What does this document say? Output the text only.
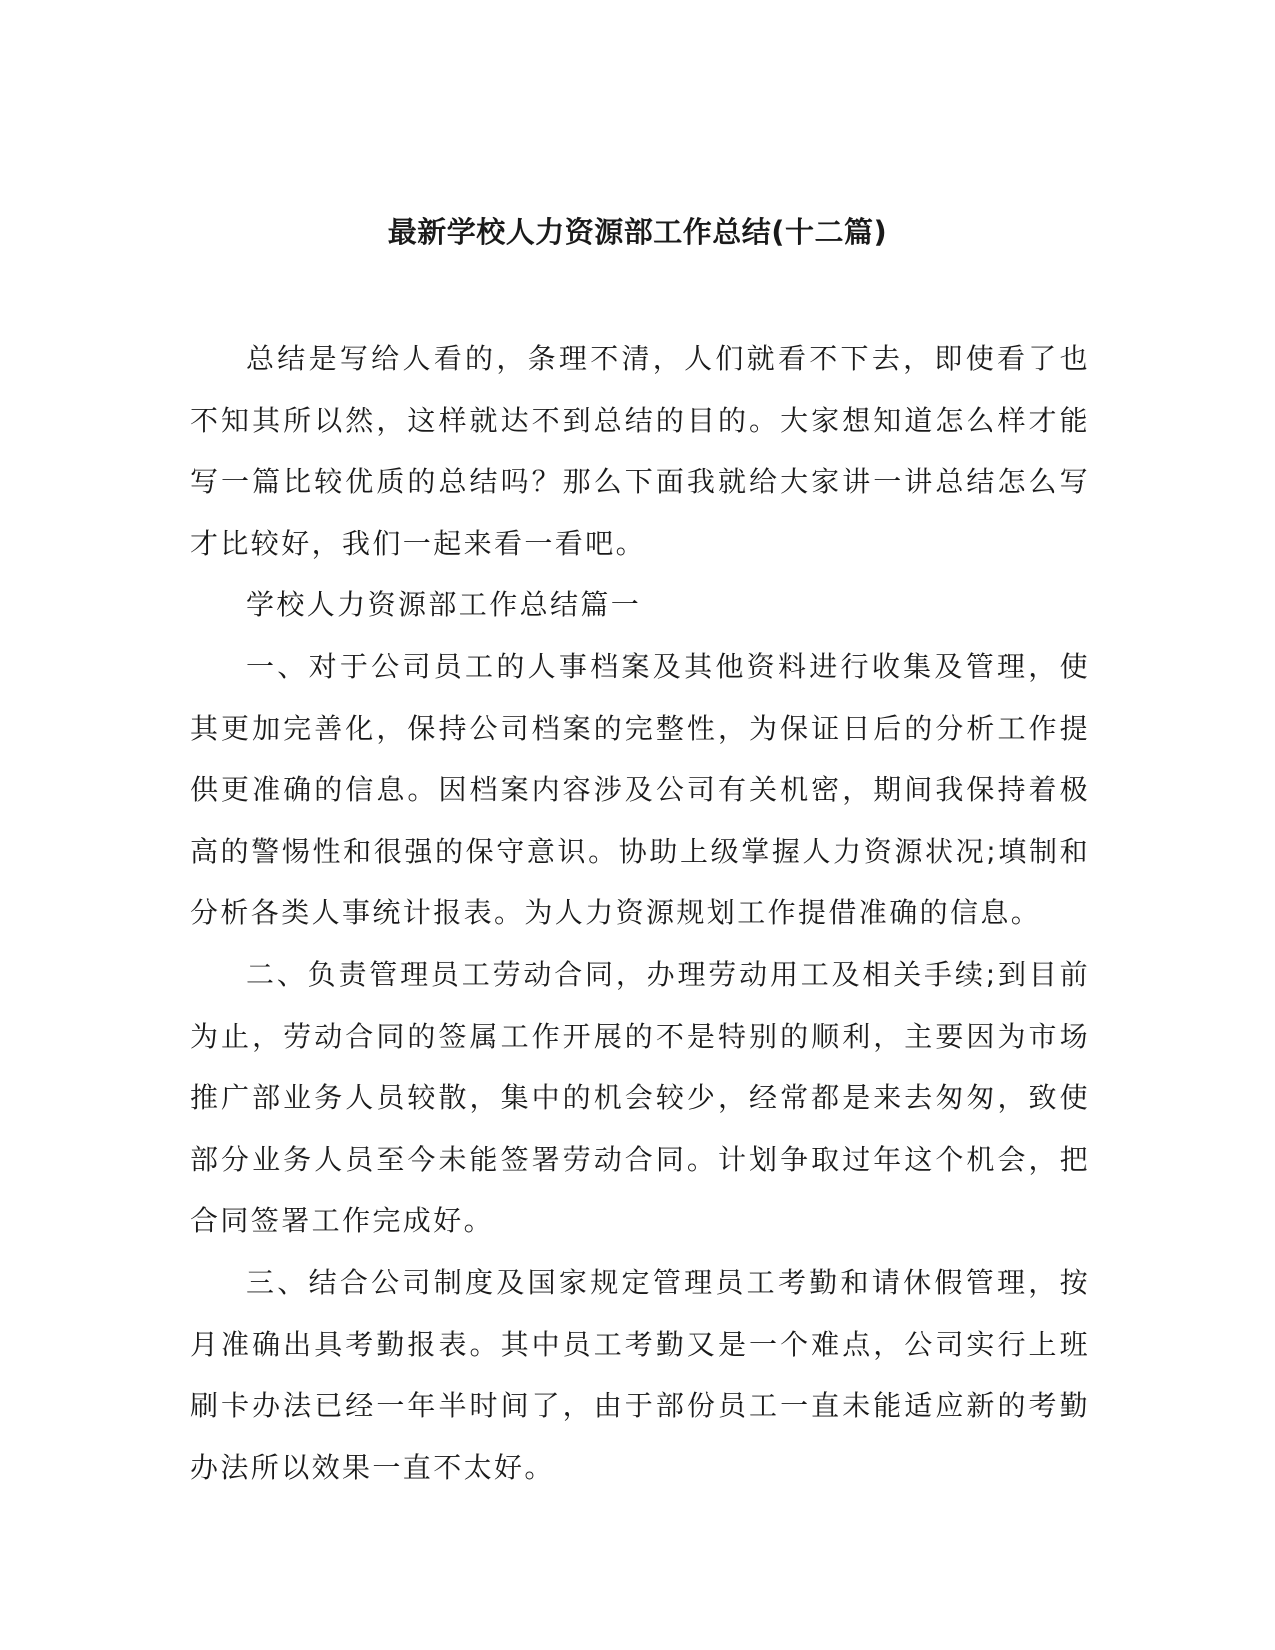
最新学校人力资源部工作总结(十二篇)

总结是写给人看的，条理不清，人们就看不下去，即使看了也不知其所以然，这样就达不到总结的目的。大家想知道怎么样才能写一篇比较优质的总结吗？那么下面我就给大家讲一讲总结怎么写才比较好，我们一起来看一看吧。

学校人力资源部工作总结篇一

一、对于公司员工的人事档案及其他资料进行收集及管理，使其更加完善化，保持公司档案的完整性，为保证日后的分析工作提供更准确的信息。因档案内容涉及公司有关机密，期间我保持着极高的警惕性和很强的保守意识。协助上级掌握人力资源状况;填制和分析各类人事统计报表。为人力资源规划工作提借准确的信息。

二、负责管理员工劳动合同，办理劳动用工及相关手续;到目前为止，劳动合同的签属工作开展的不是特别的顺利，主要因为市场推广部业务人员较散，集中的机会较少，经常都是来去匆匆，致使部分业务人员至今未能签署劳动合同。计划争取过年这个机会，把合同签署工作完成好。

三、结合公司制度及国家规定管理员工考勤和请休假管理，按月准确出具考勤报表。其中员工考勤又是一个难点，公司实行上班刷卡办法已经一年半时间了，由于部份员工一直未能适应新的考勤办法所以效果一直不太好。
